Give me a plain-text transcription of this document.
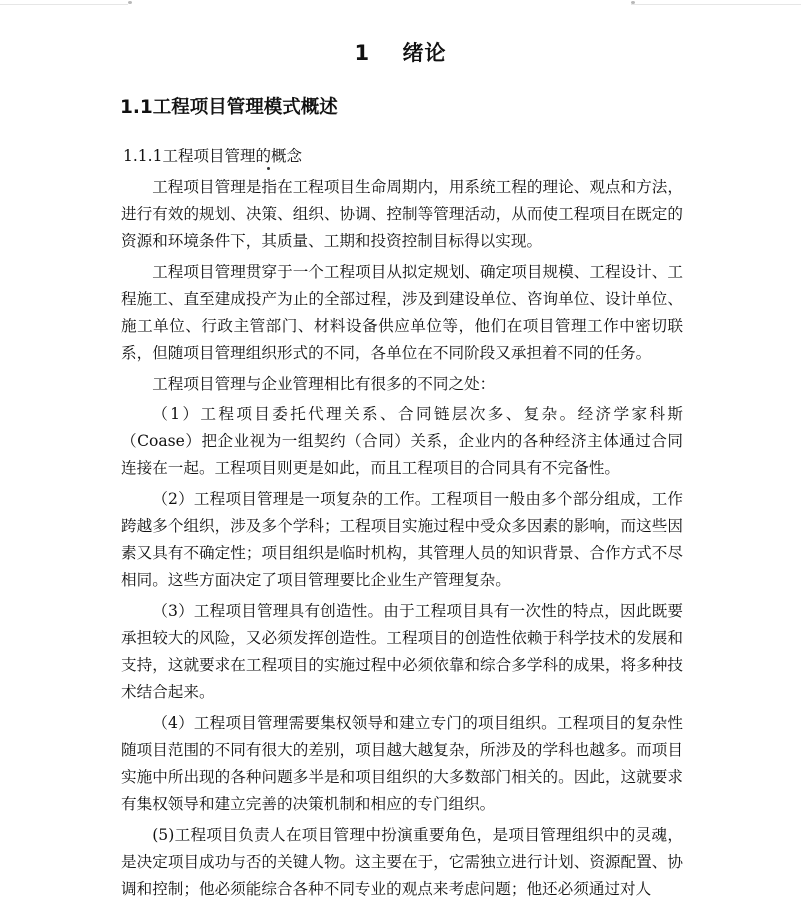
1 绪论
1.1工程项目管理模式概述
1.1.1工程项目管理的概念

工程项目管理是指在工程项目生命周期内，用系统工程的理论、观点和方法，进行有效的规划、决策、组织、协调、控制等管理活动，从而使工程项目在既定的资源和环境条件下，其质量、工期和投资控制目标得以实现。

工程项目管理贯穿于一个工程项目从拟定规划、确定项目规模、工程设计、工程施工、直至建成投产为止的全部过程，涉及到建设单位、咨询单位、设计单位、施工单位、行政主管部门、材料设备供应单位等，他们在项目管理工作中密切联系，但随项目管理组织形式的不同，各单位在不同阶段又承担着不同的任务。

工程项目管理与企业管理相比有很多的不同之处：

（1）工程项目委托代理关系、合同链层次多、复杂。经济学家科斯（Coase）把企业视为一组契约（合同）关系，企业内的各种经济主体通过合同连接在一起。工程项目则更是如此，而且工程项目的合同具有不完备性。

（2）工程项目管理是一项复杂的工作。工程项目一般由多个部分组成，工作跨越多个组织，涉及多个学科；工程项目实施过程中受众多因素的影响，而这些因素又具有不确定性；项目组织是临时机构，其管理人员的知识背景、合作方式不尽相同。这些方面决定了项目管理要比企业生产管理复杂。

（3）工程项目管理具有创造性。由于工程项目具有一次性的特点，因此既要承担较大的风险，又必须发挥创造性。工程项目的创造性依赖于科学技术的发展和支持，这就要求在工程项目的实施过程中必须依靠和综合多学科的成果，将多种技术结合起来。

（4）工程项目管理需要集权领导和建立专门的项目组织。工程项目的复杂性随项目范围的不同有很大的差别，项目越大越复杂，所涉及的学科也越多。而项目实施中所出现的各种问题多半是和项目组织的大多数部门相关的。因此，这就要求有集权领导和建立完善的决策机制和相应的专门组织。

(5)工程项目负责人在项目管理中扮演重要角色，是项目管理组织中的灵魂，是决定项目成功与否的关键人物。这主要在于，它需独立进行计划、资源配置、协调和控制；他必须能综合各种不同专业的观点来考虑问题；他还必须通过对人
